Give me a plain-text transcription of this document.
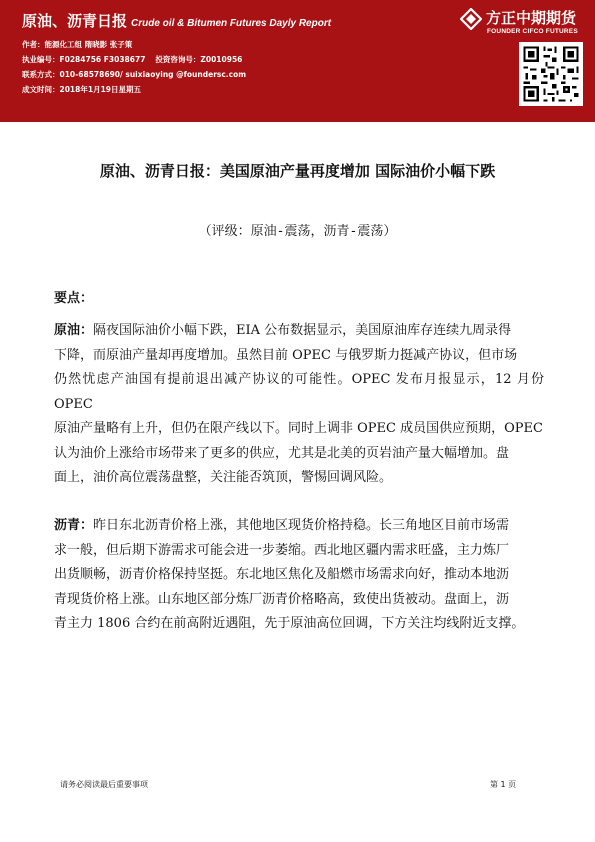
原油、沥青日报 Crude oil & Bitumen Futures Dayly Report	方正中期期货
FOUNDER CIFCO FUTURES
作者：能源化工组 隋晓影 张子策
执业编号：F0284756 F3038677 投资咨询号：Z0010956
联系方式：010-68578690/ suixiaoying @foundersc.com
成文时间：2018年1月19日星期五
原油、沥青日报：美国原油产量再度增加 国际油价小幅下跌
（评级：原油-震荡，沥青-震荡）
要点：
原油：隔夜国际油价小幅下跌，EIA 公布数据显示，美国原油库存连续九周录得
下降，而原油产量却再度增加。虽然目前 OPEC 与俄罗斯力挺减产协议，但市场
仍然忧虑产油国有提前退出减产协议的可能性。OPEC 发布月报显示，12 月份 OPEC
原油产量略有上升，但仍在限产线以下。同时上调非 OPEC 成员国供应预期，OPEC
认为油价上涨给市场带来了更多的供应，尤其是北美的页岩油产量大幅增加。盘
面上，油价高位震荡盘整，关注能否筑顶，警惕回调风险。
沥青：昨日东北沥青价格上涨，其他地区现货价格持稳。长三角地区目前市场需
求一般，但后期下游需求可能会进一步萎缩。西北地区疆内需求旺盛，主力炼厂
出货顺畅，沥青价格保持坚挺。东北地区焦化及船燃市场需求向好，推动本地沥
青现货价格上涨。山东地区部分炼厂沥青价格略高，致使出货被动。盘面上，沥
青主力 1806 合约在前高附近遇阻，先于原油高位回调，下方关注均线附近支撑。
请务必阅读最后重要事项	第 1 页
